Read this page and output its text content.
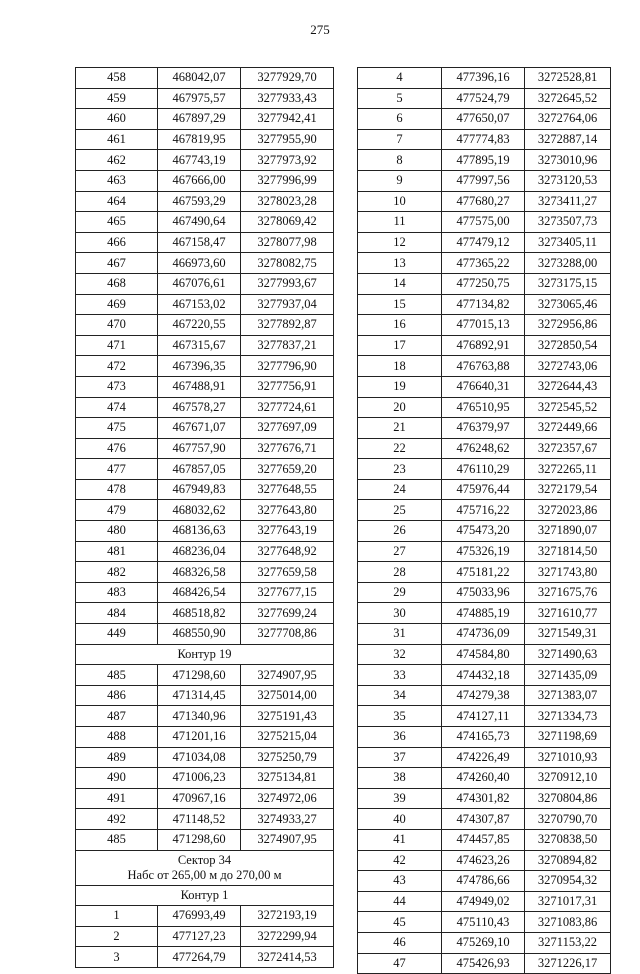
275
458	468042,07	3277929,70
459	467975,57	3277933,43
460	467897,29	3277942,41
461	467819,95	3277955,90
462	467743,19	3277973,92
463	467666,00	3277996,99
464	467593,29	3278023,28
465	467490,64	3278069,42
466	467158,47	3278077,98
467	466973,60	3278082,75
468	467076,61	3277993,67
469	467153,02	3277937,04
470	467220,55	3277892,87
471	467315,67	3277837,21
472	467396,35	3277796,90
473	467488,91	3277756,91
474	467578,27	3277724,61
475	467671,07	3277697,09
476	467757,90	3277676,71
477	467857,05	3277659,20
478	467949,83	3277648,55
479	468032,62	3277643,80
480	468136,63	3277643,19
481	468236,04	3277648,92
482	468326,58	3277659,58
483	468426,54	3277677,15
484	468518,82	3277699,24
449	468550,90	3277708,86
Контур 19		
485	471298,60	3274907,95
486	471314,45	3275014,00
487	471340,96	3275191,43
488	471201,16	3275215,04
489	471034,08	3275250,79
490	471006,23	3275134,81
491	470967,16	3274972,06
492	471148,52	3274933,27
485	471298,60	3274907,95
Сектор 34
Набс от 265,00 м до 270,00 м		
Контур 1		
1	476993,49	3272193,19
2	477127,23	3272299,94
3	477264,79	3272414,53
4	477396,16	3272528,81
5	477524,79	3272645,52
6	477650,07	3272764,06
7	477774,83	3272887,14
8	477895,19	3273010,96
9	477997,56	3273120,53
10	477680,27	3273411,27
11	477575,00	3273507,73
12	477479,12	3273405,11
13	477365,22	3273288,00
14	477250,75	3273175,15
15	477134,82	3273065,46
16	477015,13	3272956,86
17	476892,91	3272850,54
18	476763,88	3272743,06
19	476640,31	3272644,43
20	476510,95	3272545,52
21	476379,97	3272449,66
22	476248,62	3272357,67
23	476110,29	3272265,11
24	475976,44	3272179,54
25	475716,22	3272023,86
26	475473,20	3271890,07
27	475326,19	3271814,50
28	475181,22	3271743,80
29	475033,96	3271675,76
30	474885,19	3271610,77
31	474736,09	3271549,31
32	474584,80	3271490,63
33	474432,18	3271435,09
34	474279,38	3271383,07
35	474127,11	3271334,73
36	474165,73	3271198,69
37	474226,49	3271010,93
38	474260,40	3270912,10
39	474301,82	3270804,86
40	474307,87	3270790,70
41	474457,85	3270838,50
42	474623,26	3270894,82
43	474786,66	3270954,32
44	474949,02	3271017,31
45	475110,43	3271083,86
46	475269,10	3271153,22
47	475426,93	3271226,17
